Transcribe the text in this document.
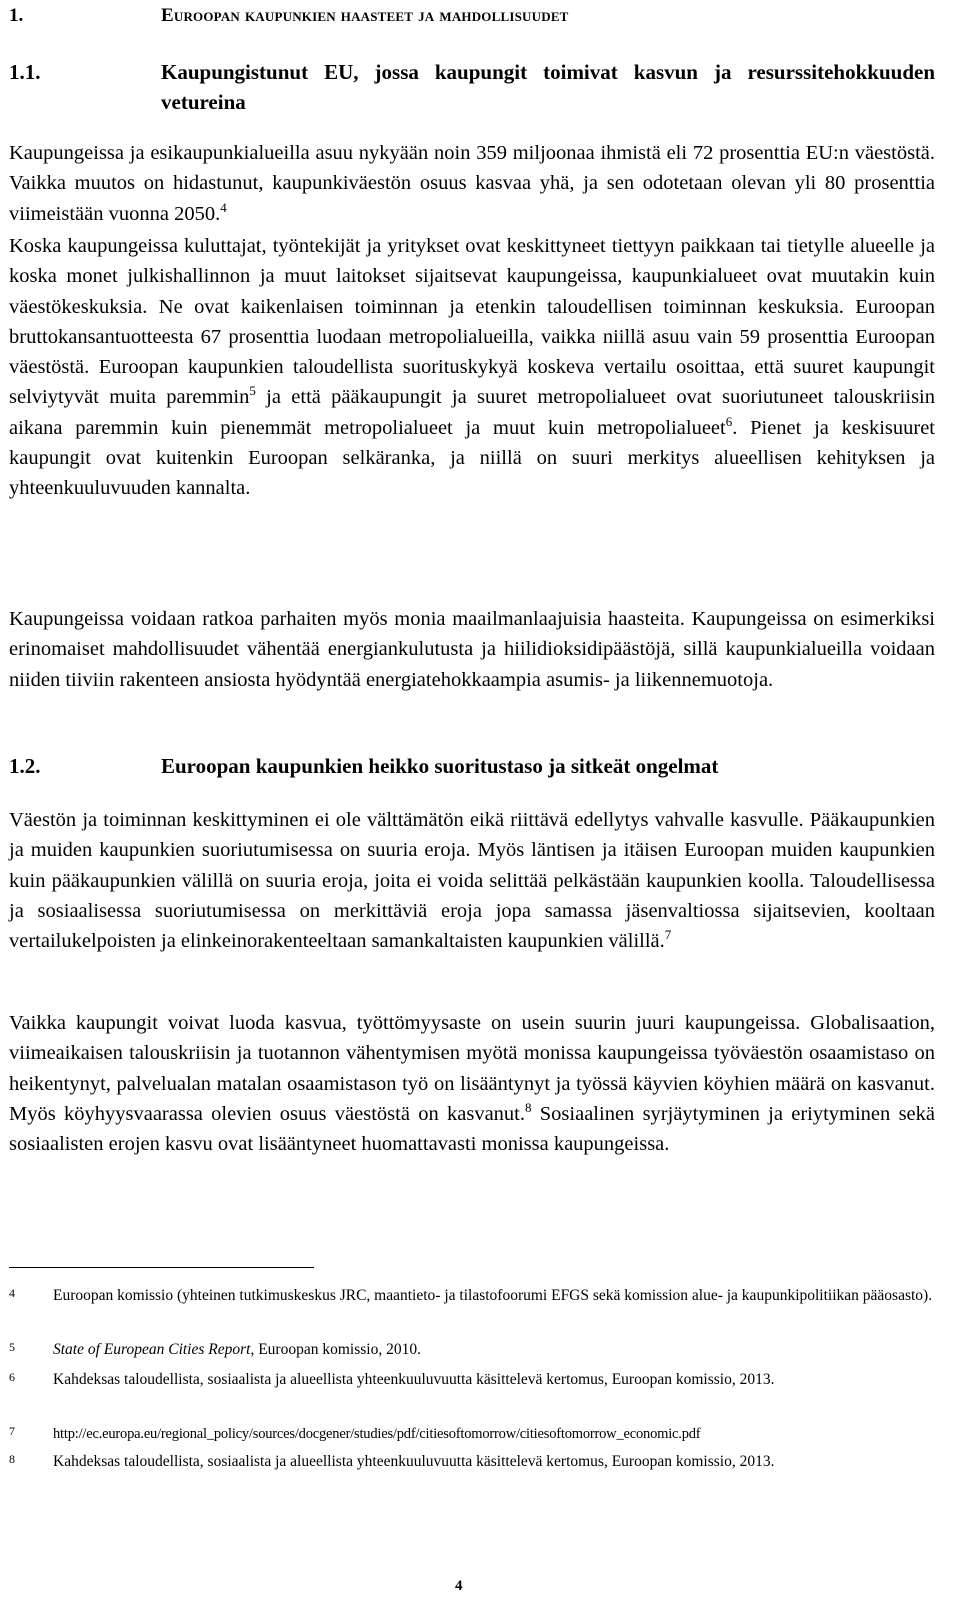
1.	Euroopan kaupunkien haasteet ja mahdollisuudet
1.1.	Kaupungistunut EU, jossa kaupungit toimivat kasvun ja resurssitehokkuuden vetureina

Kaupungeissa ja esikaupunkialueilla asuu nykyään noin 359 miljoonaa ihmistä eli 72 prosenttia EU:n väestöstä. Vaikka muutos on hidastunut, kaupunkiväestön osuus kasvaa yhä, ja sen odotetaan olevan yli 80 prosenttia viimeistään vuonna 2050.$^4$

Koska kaupungeissa kuluttajat, työntekijät ja yritykset ovat keskittyneet tiettyyn paikkaan tai tietylle alueelle ja koska monet julkishallinnon ja muut laitokset sijaitsevat kaupungeissa, kaupunkialueet ovat muutakin kuin väestökeskuksia. Ne ovat kaikenlaisen toiminnan ja etenkin taloudellisen toiminnan keskuksia. Euroopan bruttokansantuotteesta 67 prosenttia luodaan metropolialueilla, vaikka niillä asuu vain 59 prosenttia Euroopan väestöstä. Euroopan kaupunkien taloudellista suorituskykyä koskeva vertailu osoittaa, että suuret kaupungit selviytyvät muita paremmin$^5$ ja että pääkaupungit ja suuret metropolialueet ovat suoriutuneet talouskriisin aikana paremmin kuin pienemmät metropolialueet ja muut kuin metropolialueet$^6$. Pienet ja keskisuuret kaupungit ovat kuitenkin Euroopan selkäranka, ja niillä on suuri merkitys alueellisen kehityksen ja yhteenkuuluvuuden kannalta.

Kaupungeissa voidaan ratkoa parhaiten myös monia maailmanlaajuisia haasteita. Kaupungeissa on esimerkiksi erinomaiset mahdollisuudet vähentää energiankulutusta ja hiilidioksidipäästöjä, sillä kaupunkialueilla voidaan niiden tiiviin rakenteen ansiosta hyödyntää energiatehokkaampia asumis- ja liikennemuotoja.

1.2.	Euroopan kaupunkien heikko suoritustaso ja sitkeät ongelmat

Väestön ja toiminnan keskittyminen ei ole välttämätön eikä riittävä edellytys vahvalle kasvulle. Pääkaupunkien ja muiden kaupunkien suoriutumisessa on suuria eroja. Myös läntisen ja itäisen Euroopan muiden kaupunkien kuin pääkaupunkien välillä on suuria eroja, joita ei voida selittää pelkästään kaupunkien koolla. Taloudellisessa ja sosiaalisessa suoriutumisessa on merkittäviä eroja jopa samassa jäsenvaltiossa sijaitsevien, kooltaan vertailukelpoisten ja elinkeinorakenteeltaan samankaltaisten kaupunkien välillä.$^7$

Vaikka kaupungit voivat luoda kasvua, työttömyysaste on usein suurin juuri kaupungeissa. Globalisaation, viimeaikaisen talouskriisin ja tuotannon vähentymisen myötä monissa kaupungeissa työväestön osaamistaso on heikentynyt, palvelualan matalan osaamistason työ on lisääntynyt ja työssä käyvien köyhien määrä on kasvanut. Myös köyhyysvaarassa olevien osuus väestöstä on kasvanut.$^8$ Sosiaalinen syrjäytyminen ja eriytyminen sekä sosiaalisten erojen kasvu ovat lisääntyneet huomattavasti monissa kaupungeissa.

4	Euroopan komissio (yhteinen tutkimuskeskus JRC, maantieto- ja tilastofoorumi EFGS sekä komission alue- ja kaupunkipolitiikan pääosasto).
5	State of European Cities Report, Euroopan komissio, 2010.
6	Kahdeksas taloudellista, sosiaalista ja alueellista yhteenkuuluvuutta käsittelevä kertomus, Euroopan komissio, 2013.
7	http://ec.europa.eu/regional_policy/sources/docgener/studies/pdf/citiesoftomorrow/citiesoftomorrow_economic.pdf
8	Kahdeksas taloudellista, sosiaalista ja alueellista yhteenkuuluvuutta käsittelevä kertomus, Euroopan komissio, 2013.
4
